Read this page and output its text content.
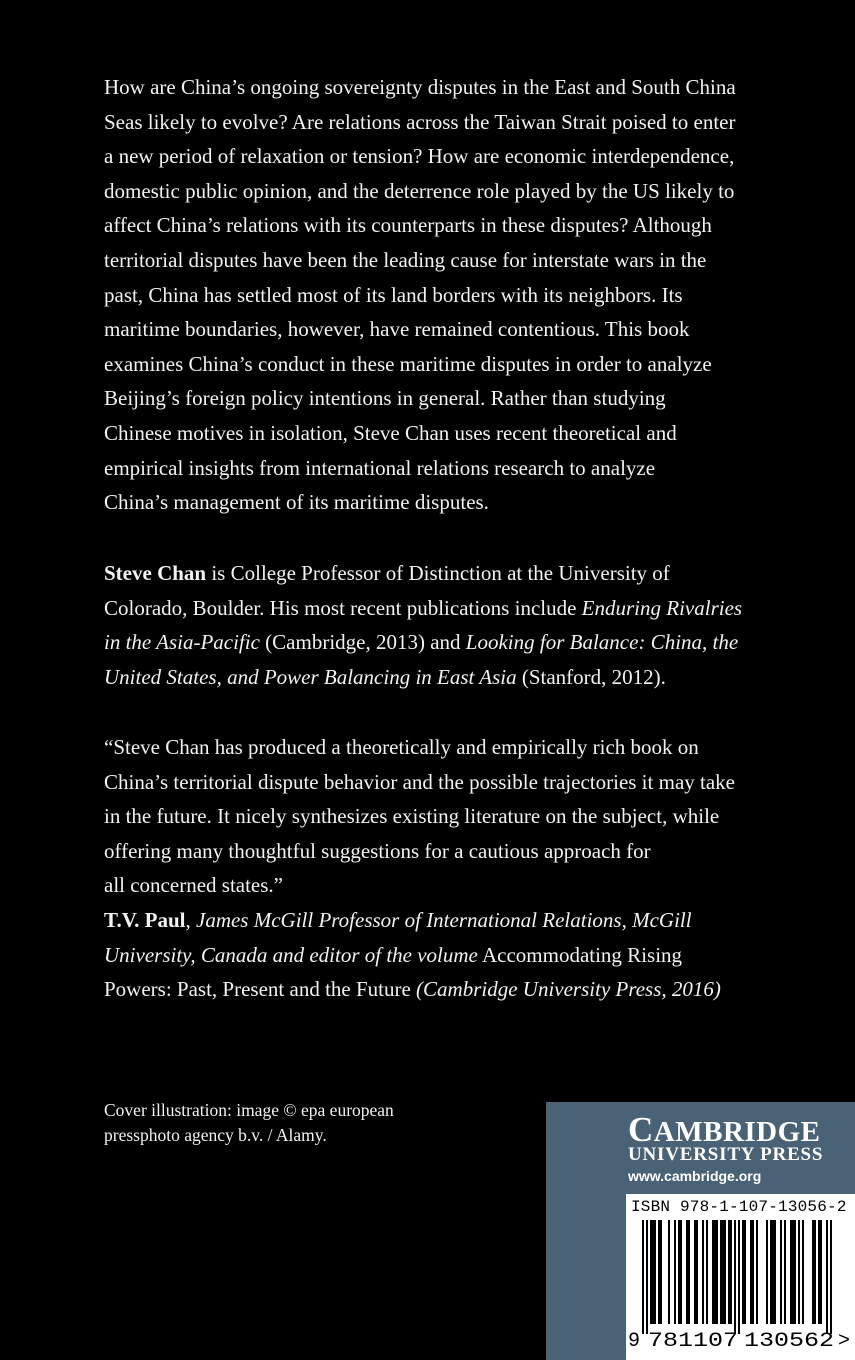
How are China’s ongoing sovereignty disputes in the East and South China
Seas likely to evolve? Are relations across the Taiwan Strait poised to enter
a new period of relaxation or tension? How are economic interdependence,
domestic public opinion, and the deterrence role played by the US likely to
affect China’s relations with its counterparts in these disputes? Although
territorial disputes have been the leading cause for interstate wars in the
past, China has settled most of its land borders with its neighbors. Its
maritime boundaries, however, have remained contentious. This book
examines China’s conduct in these maritime disputes in order to analyze
Beijing’s foreign policy intentions in general. Rather than studying
Chinese motives in isolation, Steve Chan uses recent theoretical and
empirical insights from international relations research to analyze
China’s management of its maritime disputes.
Steve Chan is College Professor of Distinction at the University of
Colorado, Boulder. His most recent publications include Enduring Rivalries
in the Asia-Pacific (Cambridge, 2013) and Looking for Balance: China, the
United States, and Power Balancing in East Asia (Stanford, 2012).
“Steve Chan has produced a theoretically and empirically rich book on
China’s territorial dispute behavior and the possible trajectories it may take
in the future. It nicely synthesizes existing literature on the subject, while
offering many thoughtful suggestions for a cautious approach for
all concerned states.”
T.V. Paul, James McGill Professor of International Relations, McGill
University, Canada and editor of the volume Accommodating Rising
Powers: Past, Present and the Future (Cambridge University Press, 2016)
Cover illustration: image © epa european
pressphoto agency b.v. / Alamy.	CAMBRIDGE
UNIVERSITY PRESS
www.cambridge.org
ISBN 978-1-107-13056-2
9 781107 130562 >
